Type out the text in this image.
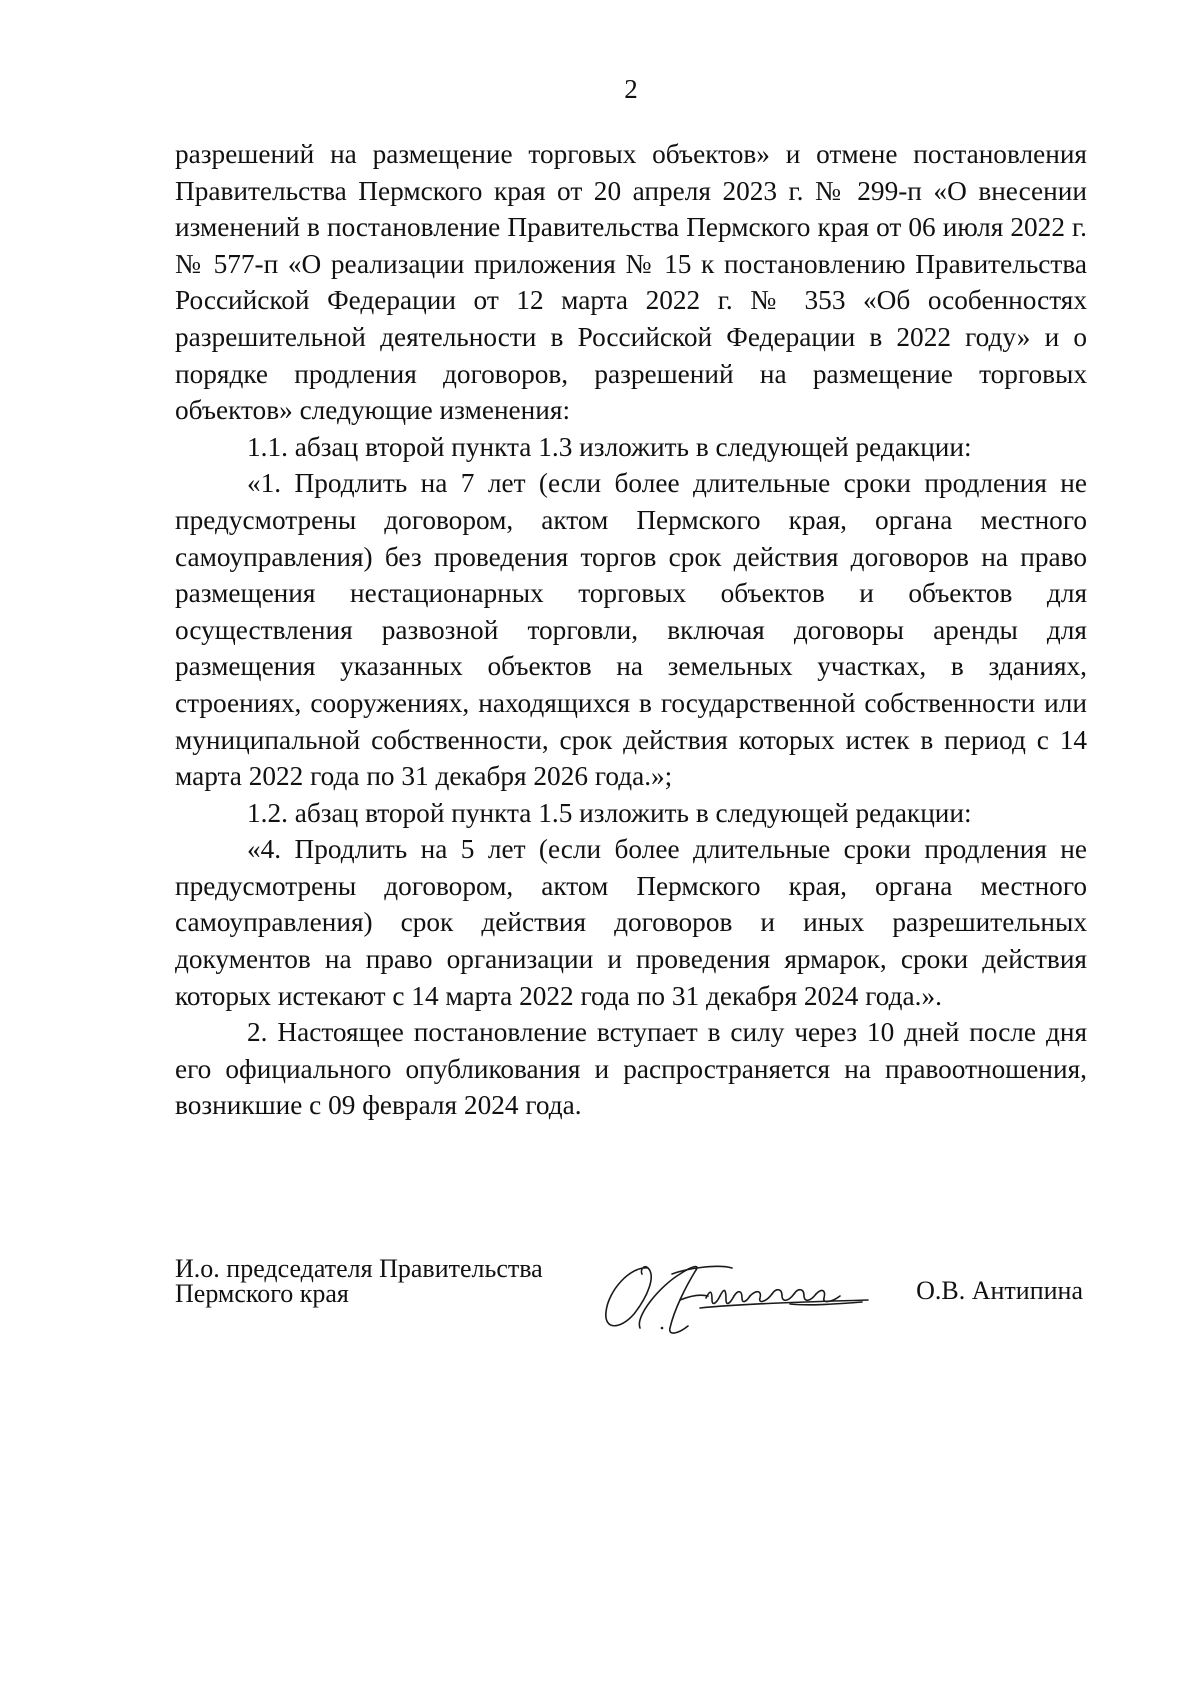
2

разрешений на размещение торговых объектов» и отмене постановления Правительства Пермского края от 20 апреля 2023 г. № 299-п «О внесении изменений в постановление Правительства Пермского края от 06 июля 2022 г. № 577-п «О реализации приложения № 15 к постановлению Правительства Российской Федерации от 12 марта 2022 г. № 353 «Об особенностях разрешительной деятельности в Российской Федерации в 2022 году» и о порядке продления договоров, разрешений на размещение торговых объектов» следующие изменения:

1.1. абзац второй пункта 1.3 изложить в следующей редакции:

«1. Продлить на 7 лет (если более длительные сроки продления не предусмотрены договором, актом Пермского края, органа местного самоуправления) без проведения торгов срок действия договоров на право размещения нестационарных торговых объектов и объектов для осуществления развозной торговли, включая договоры аренды для размещения указанных объектов на земельных участках, в зданиях, строениях, сооружениях, находящихся в государственной собственности или муниципальной собственности, срок действия которых истек в период с 14 марта 2022 года по 31 декабря 2026 года.»;

1.2. абзац второй пункта 1.5 изложить в следующей редакции:

«4. Продлить на 5 лет (если более длительные сроки продления не предусмотрены договором, актом Пермского края, органа местного самоуправления) срок действия договоров и иных разрешительных документов на право организации и проведения ярмарок, сроки действия которых истекают с 14 марта 2022 года по 31 декабря 2024 года.».

2. Настоящее постановление вступает в силу через 10 дней после дня его официального опубликования и распространяется на правоотношения, возникшие с 09 февраля 2024 года.

И.о. председателя Правительства
Пермского края	О.В. Антипина
